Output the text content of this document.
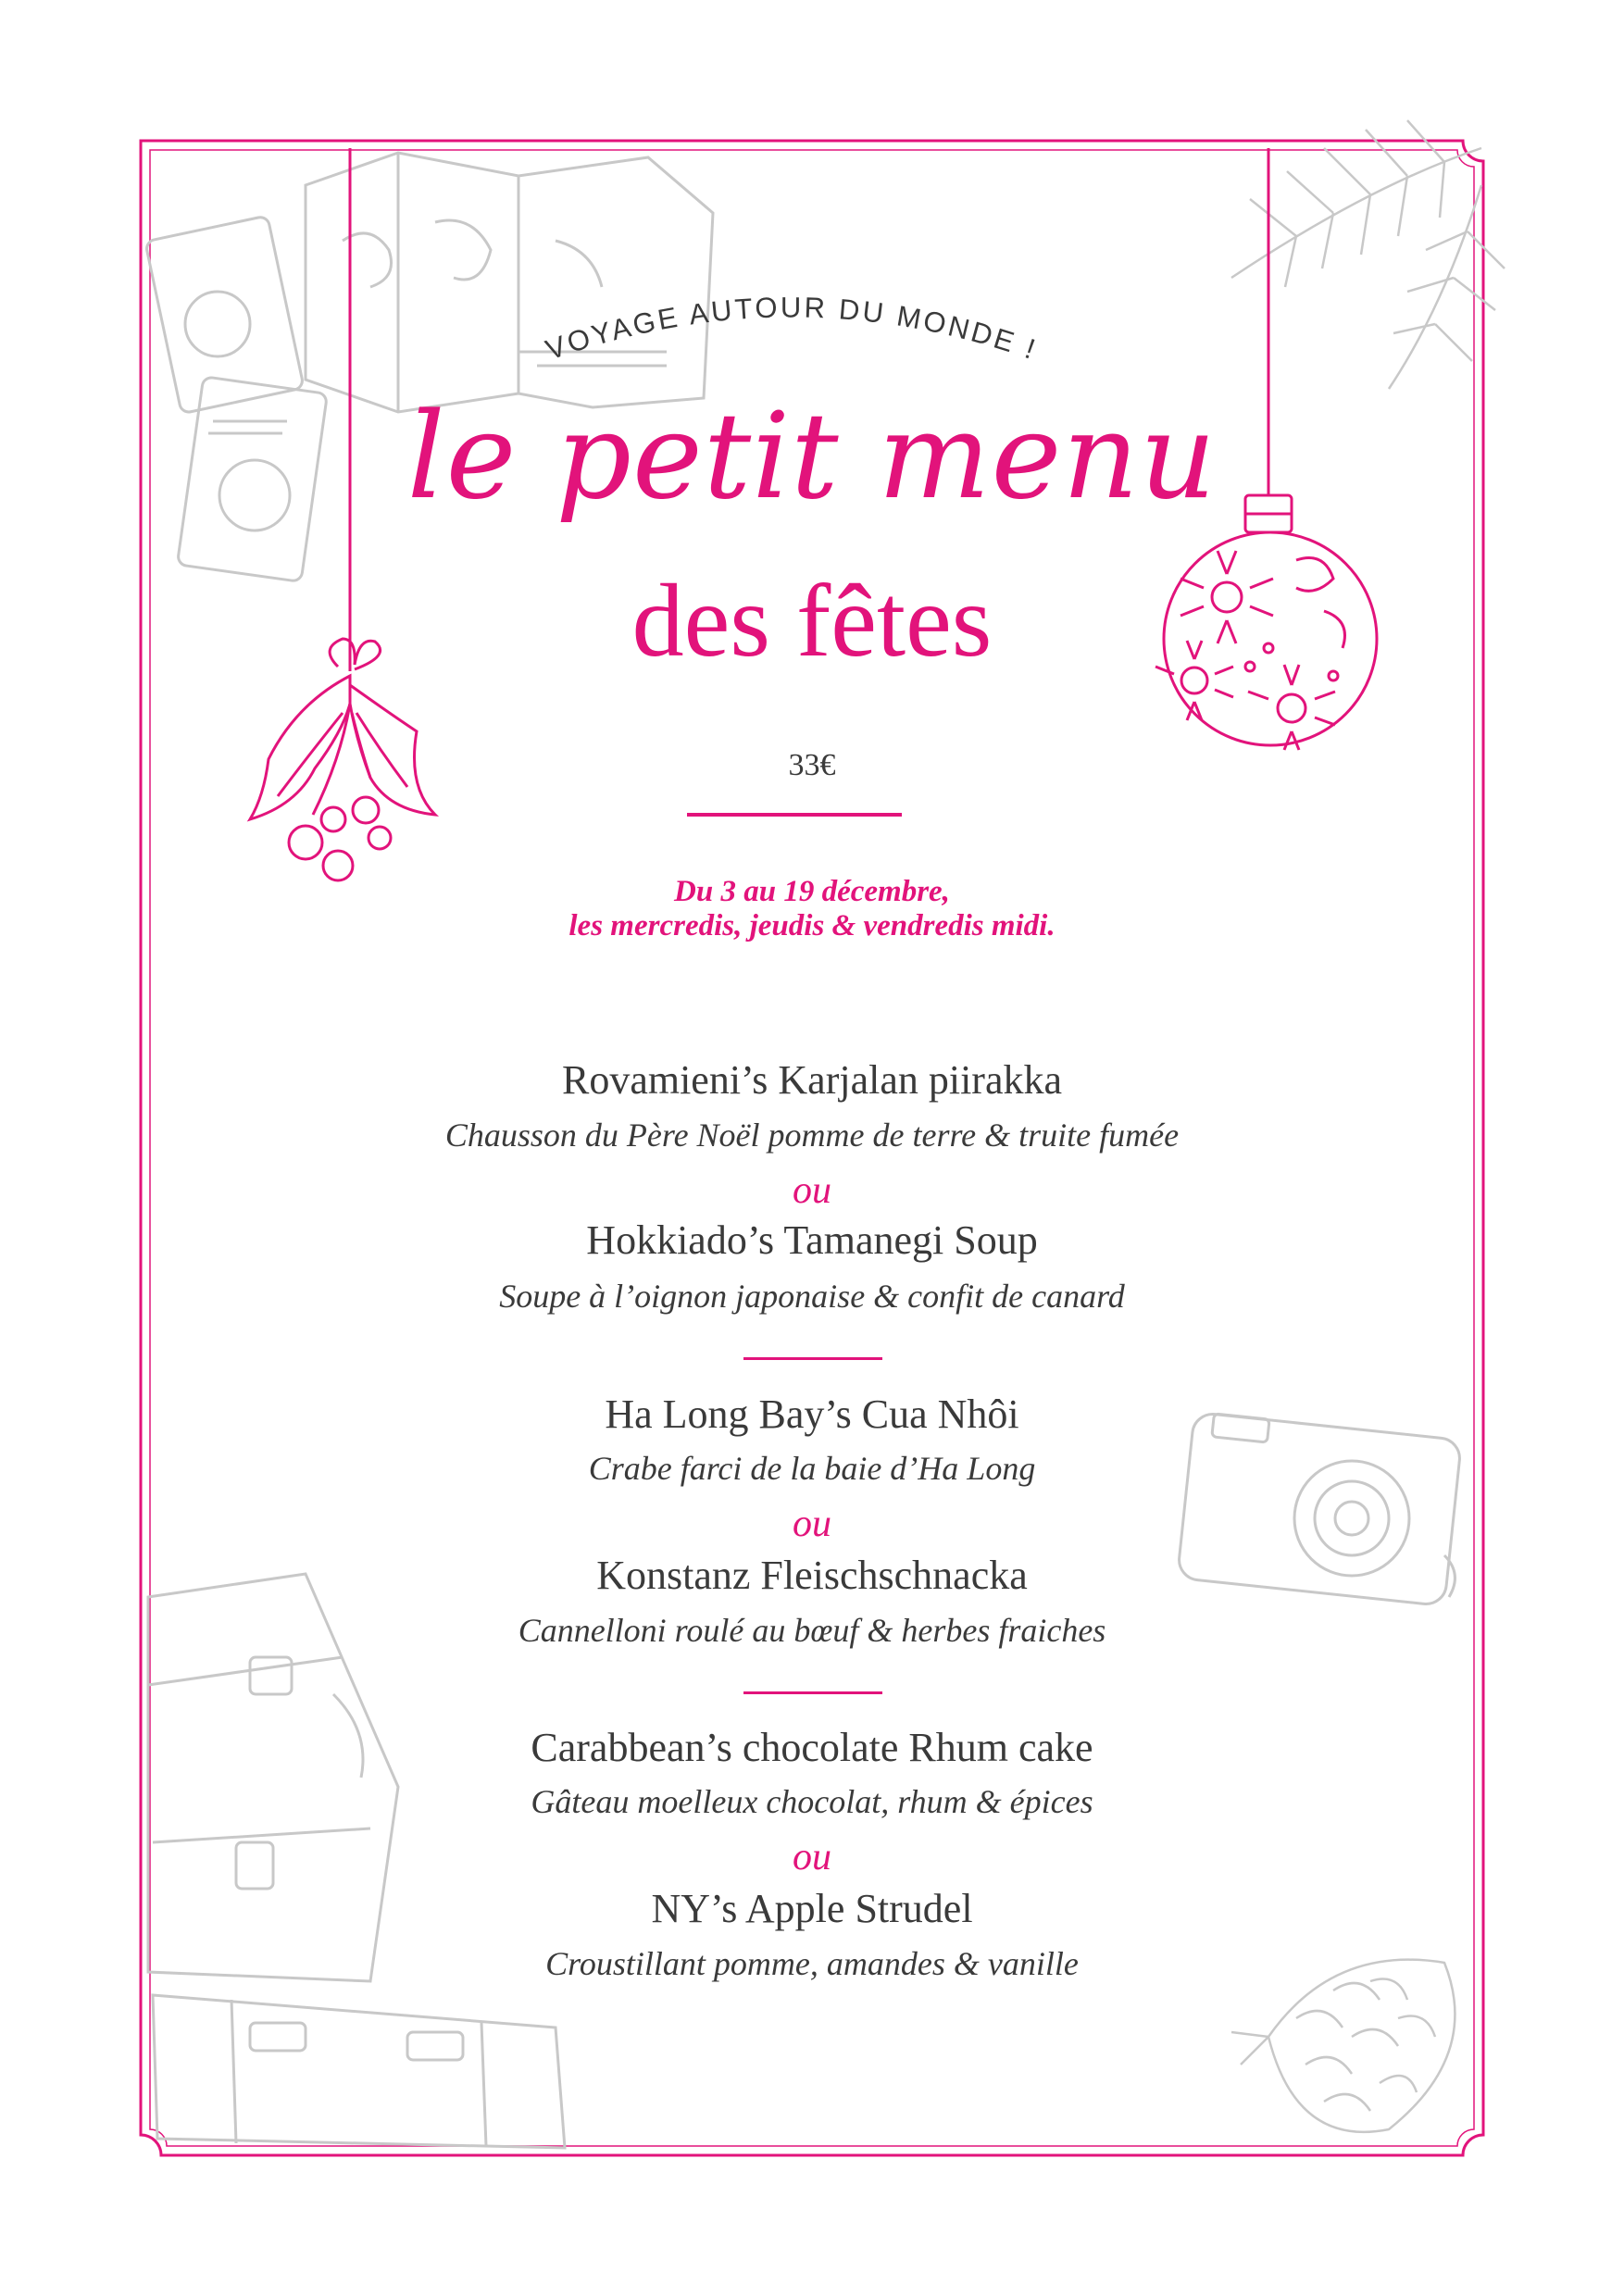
VOYAGE AUTOUR DU MONDE !
le petit menu
des fêtes
33€
Du 3 au 19 décembre,
les mercredis, jeudis & vendredis midi.
Rovamieni’s Karjalan piirakka
Chausson du Père Noël pomme de terre & truite fumée
ou
Hokkiado’s Tamanegi Soup
Soupe à l’oignon japonaise & confit de canard
Ha Long Bay’s Cua Nhôi
Crabe farci de la baie d’Ha Long
ou
Konstanz Fleischschnacka
Cannelloni roulé au bœuf & herbes fraiches
Carabbean’s chocolate Rhum cake
Gâteau moelleux chocolat, rhum & épices
ou
NY’s Apple Strudel
Croustillant pomme, amandes & vanille
